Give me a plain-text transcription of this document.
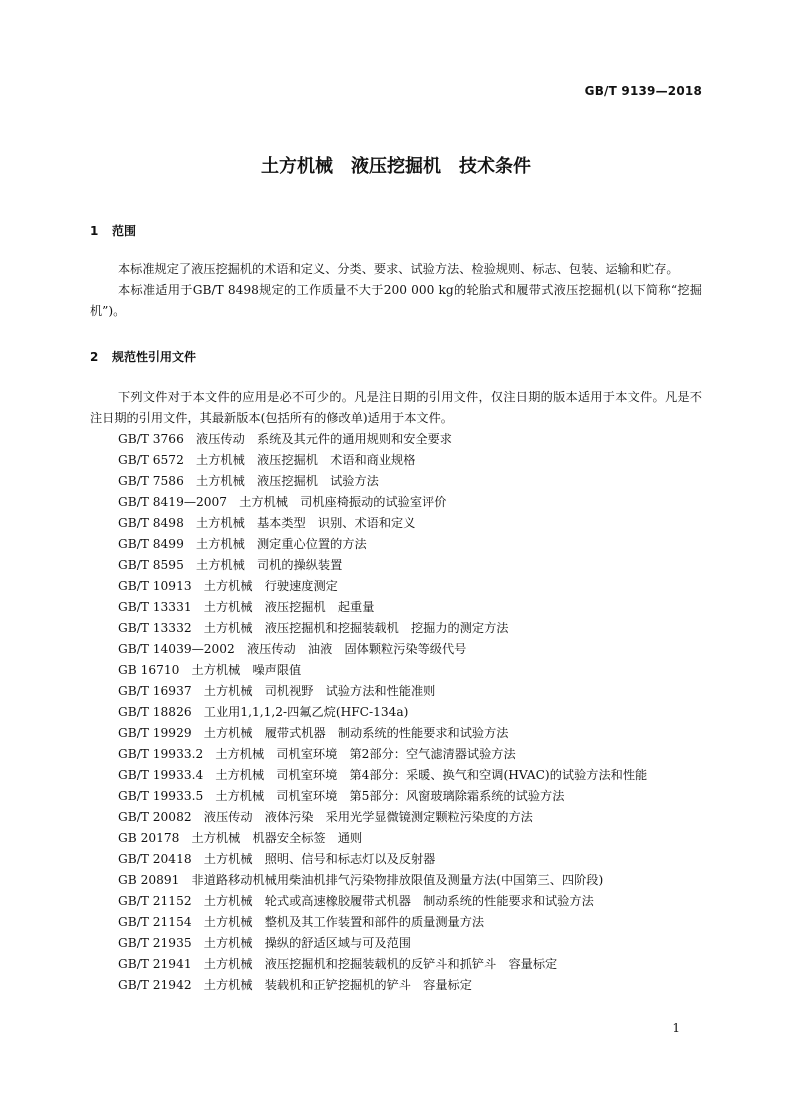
GB/T 9139—2018
土方机械　液压挖掘机　技术条件
1 范围
本标准规定了液压挖掘机的术语和定义、分类、要求、试验方法、检验规则、标志、包装、运输和贮存。
本标准适用于GB/T 8498规定的工作质量不大于200 000 kg的轮胎式和履带式液压挖掘机(以下简称“挖掘机”)。
2 规范性引用文件
下列文件对于本文件的应用是必不可少的。凡是注日期的引用文件，仅注日期的版本适用于本文件。凡是不注日期的引用文件，其最新版本(包括所有的修改单)适用于本文件。
GB/T 3766　液压传动　系统及其元件的通用规则和安全要求
GB/T 6572　土方机械　液压挖掘机　术语和商业规格
GB/T 7586　土方机械　液压挖掘机　试验方法
GB/T 8419—2007　土方机械　司机座椅振动的试验室评价
GB/T 8498　土方机械　基本类型　识别、术语和定义
GB/T 8499　土方机械　测定重心位置的方法
GB/T 8595　土方机械　司机的操纵装置
GB/T 10913　土方机械　行驶速度测定
GB/T 13331　土方机械　液压挖掘机　起重量
GB/T 13332　土方机械　液压挖掘机和挖掘装载机　挖掘力的测定方法
GB/T 14039—2002　液压传动　油液　固体颗粒污染等级代号
GB 16710　土方机械　噪声限值
GB/T 16937　土方机械　司机视野　试验方法和性能准则
GB/T 18826　工业用1,1,1,2-四氟乙烷(HFC-134a)
GB/T 19929　土方机械　履带式机器　制动系统的性能要求和试验方法
GB/T 19933.2　土方机械　司机室环境　第2部分：空气滤清器试验方法
GB/T 19933.4　土方机械　司机室环境　第4部分：采暖、换气和空调(HVAC)的试验方法和性能
GB/T 19933.5　土方机械　司机室环境　第5部分：风窗玻璃除霜系统的试验方法
GB/T 20082　液压传动　液体污染　采用光学显微镜测定颗粒污染度的方法
GB 20178　土方机械　机器安全标签　通则
GB/T 20418　土方机械　照明、信号和标志灯以及反射器
GB 20891　非道路移动机械用柴油机排气污染物排放限值及测量方法(中国第三、四阶段)
GB/T 21152　土方机械　轮式或高速橡胶履带式机器　制动系统的性能要求和试验方法
GB/T 21154　土方机械　整机及其工作装置和部件的质量测量方法
GB/T 21935　土方机械　操纵的舒适区域与可及范围
GB/T 21941　土方机械　液压挖掘机和挖掘装载机的反铲斗和抓铲斗　容量标定
GB/T 21942　土方机械　装载机和正铲挖掘机的铲斗　容量标定
1
